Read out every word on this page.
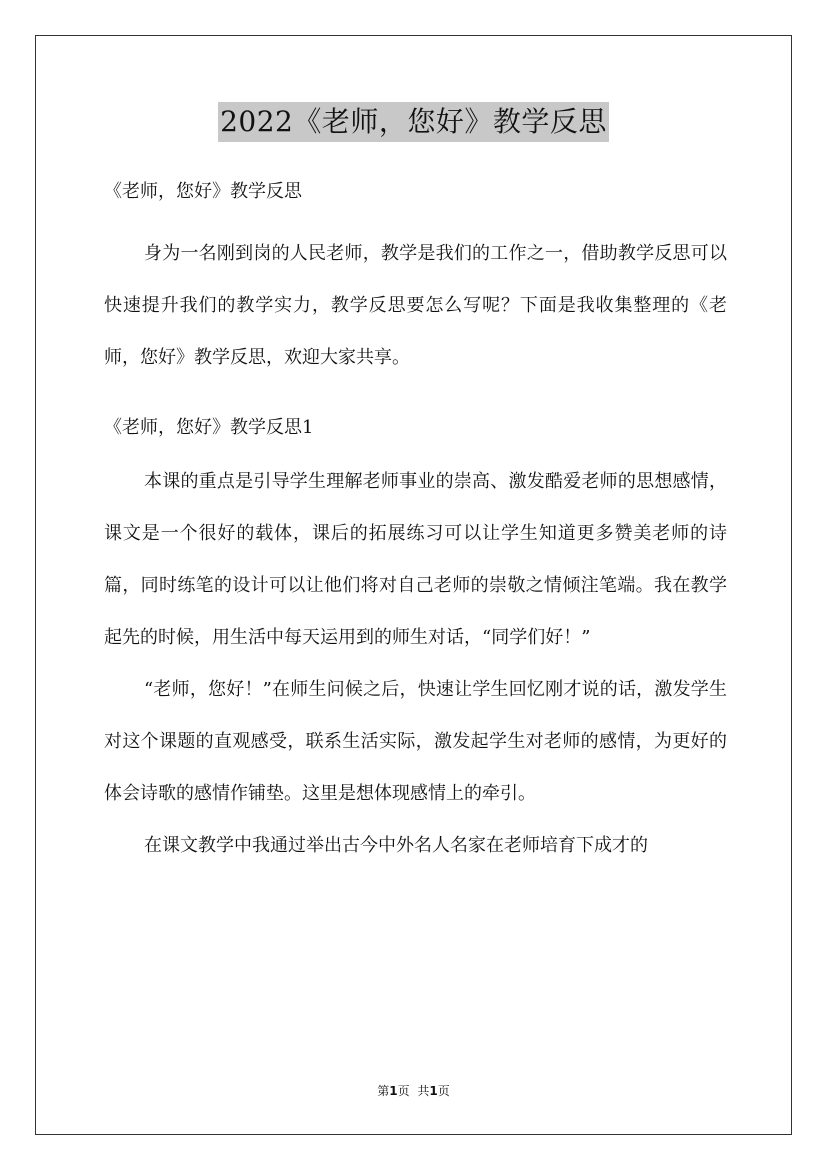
2022《老师，您好》教学反思

《老师，您好》教学反思

身为一名刚到岗的人民老师，教学是我们的工作之一，借助教学反思可以快速提升我们的教学实力，教学反思要怎么写呢？下面是我收集整理的《老师，您好》教学反思，欢迎大家共享。

《老师，您好》教学反思1

本课的重点是引导学生理解老师事业的崇高、激发酷爱老师的思想感情，课文是一个很好的载体，课后的拓展练习可以让学生知道更多赞美老师的诗篇，同时练笔的设计可以让他们将对自己老师的崇敬之情倾注笔端。我在教学起先的时候，用生活中每天运用到的师生对话，“同学们好！”

“老师，您好！”在师生问候之后，快速让学生回忆刚才说的话，激发学生对这个课题的直观感受，联系生活实际，激发起学生对老师的感情，为更好的体会诗歌的感情作铺垫。这里是想体现感情上的牵引。

在课文教学中我通过举出古今中外名人名家在老师培育下成才的

第1页 共1页
